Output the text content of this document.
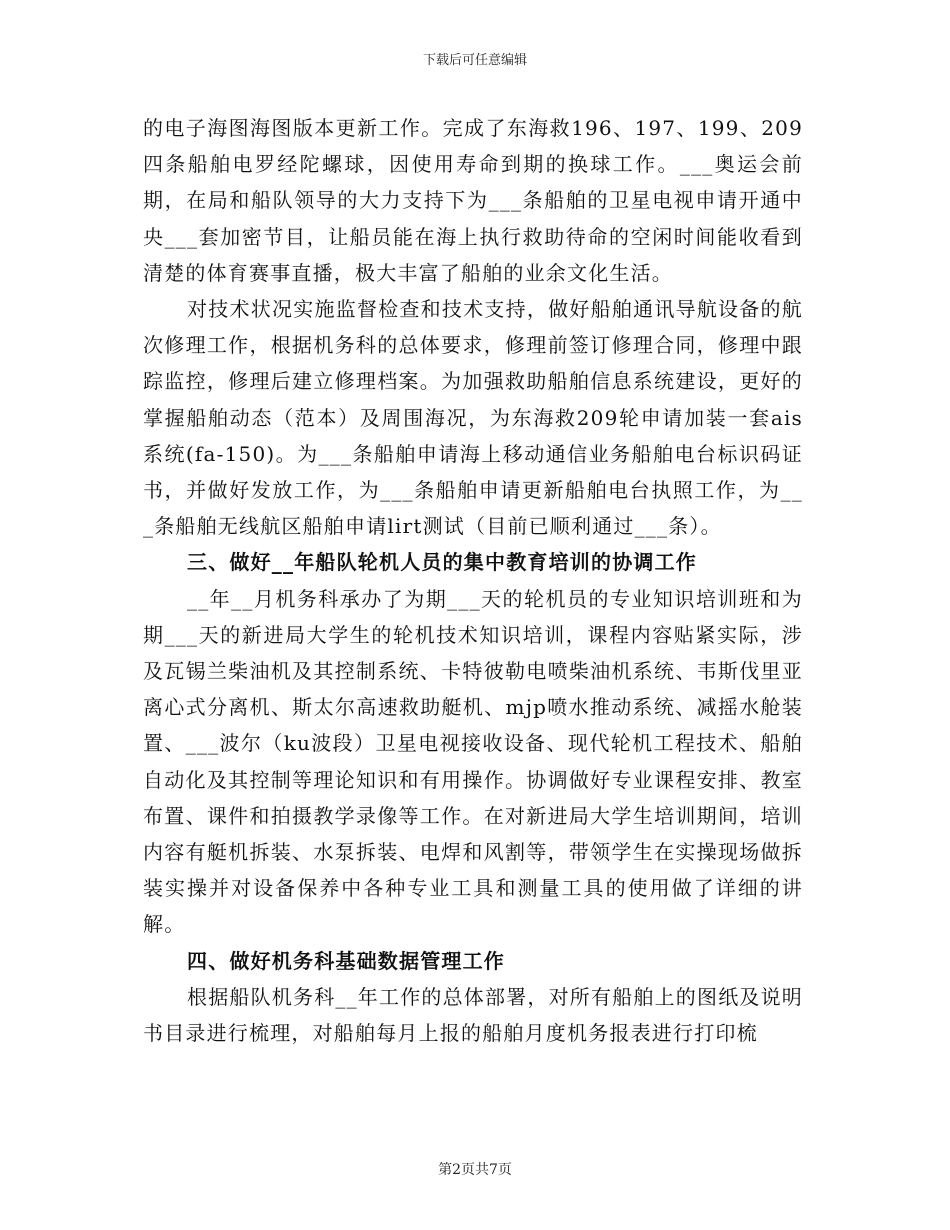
下载后可任意编辑

的电子海图海图版本更新工作。完成了东海救196、197、199、209四条船舶电罗经陀螺球，因使用寿命到期的换球工作。___奥运会前期，在局和船队领导的大力支持下为___条船舶的卫星电视申请开通中央___套加密节目，让船员能在海上执行救助待命的空闲时间能收看到清楚的体育赛事直播，极大丰富了船舶的业余文化生活。

对技术状况实施监督检查和技术支持，做好船舶通讯导航设备的航次修理工作，根据机务科的总体要求，修理前签订修理合同，修理中跟踪监控，修理后建立修理档案。为加强救助船舶信息系统建设，更好的掌握船舶动态（范本）及周围海况，为东海救209轮申请加装一套ais系统(fa-150)。为___条船舶申请海上移动通信业务船舶电台标识码证书，并做好发放工作，为___条船舶申请更新船舶电台执照工作，为___条船舶无线航区船舶申请lirt测试（目前已顺利通过___条）。

三、做好__年船队轮机人员的集中教育培训的协调工作

__年__月机务科承办了为期___天的轮机员的专业知识培训班和为期___天的新进局大学生的轮机技术知识培训，课程内容贴紧实际，涉及瓦锡兰柴油机及其控制系统、卡特彼勒电喷柴油机系统、韦斯伐里亚离心式分离机、斯太尔高速救助艇机、mjp喷水推动系统、减摇水舱装置、___波尔（ku波段）卫星电视接收设备、现代轮机工程技术、船舶自动化及其控制等理论知识和有用操作。协调做好专业课程安排、教室布置、课件和拍摄教学录像等工作。在对新进局大学生培训期间，培训内容有艇机拆装、水泵拆装、电焊和风割等，带领学生在实操现场做拆装实操并对设备保养中各种专业工具和测量工具的使用做了详细的讲解。

四、做好机务科基础数据管理工作

根据船队机务科__年工作的总体部署，对所有船舶上的图纸及说明书目录进行梳理，对船舶每月上报的船舶月度机务报表进行打印梳

第2页共7页
